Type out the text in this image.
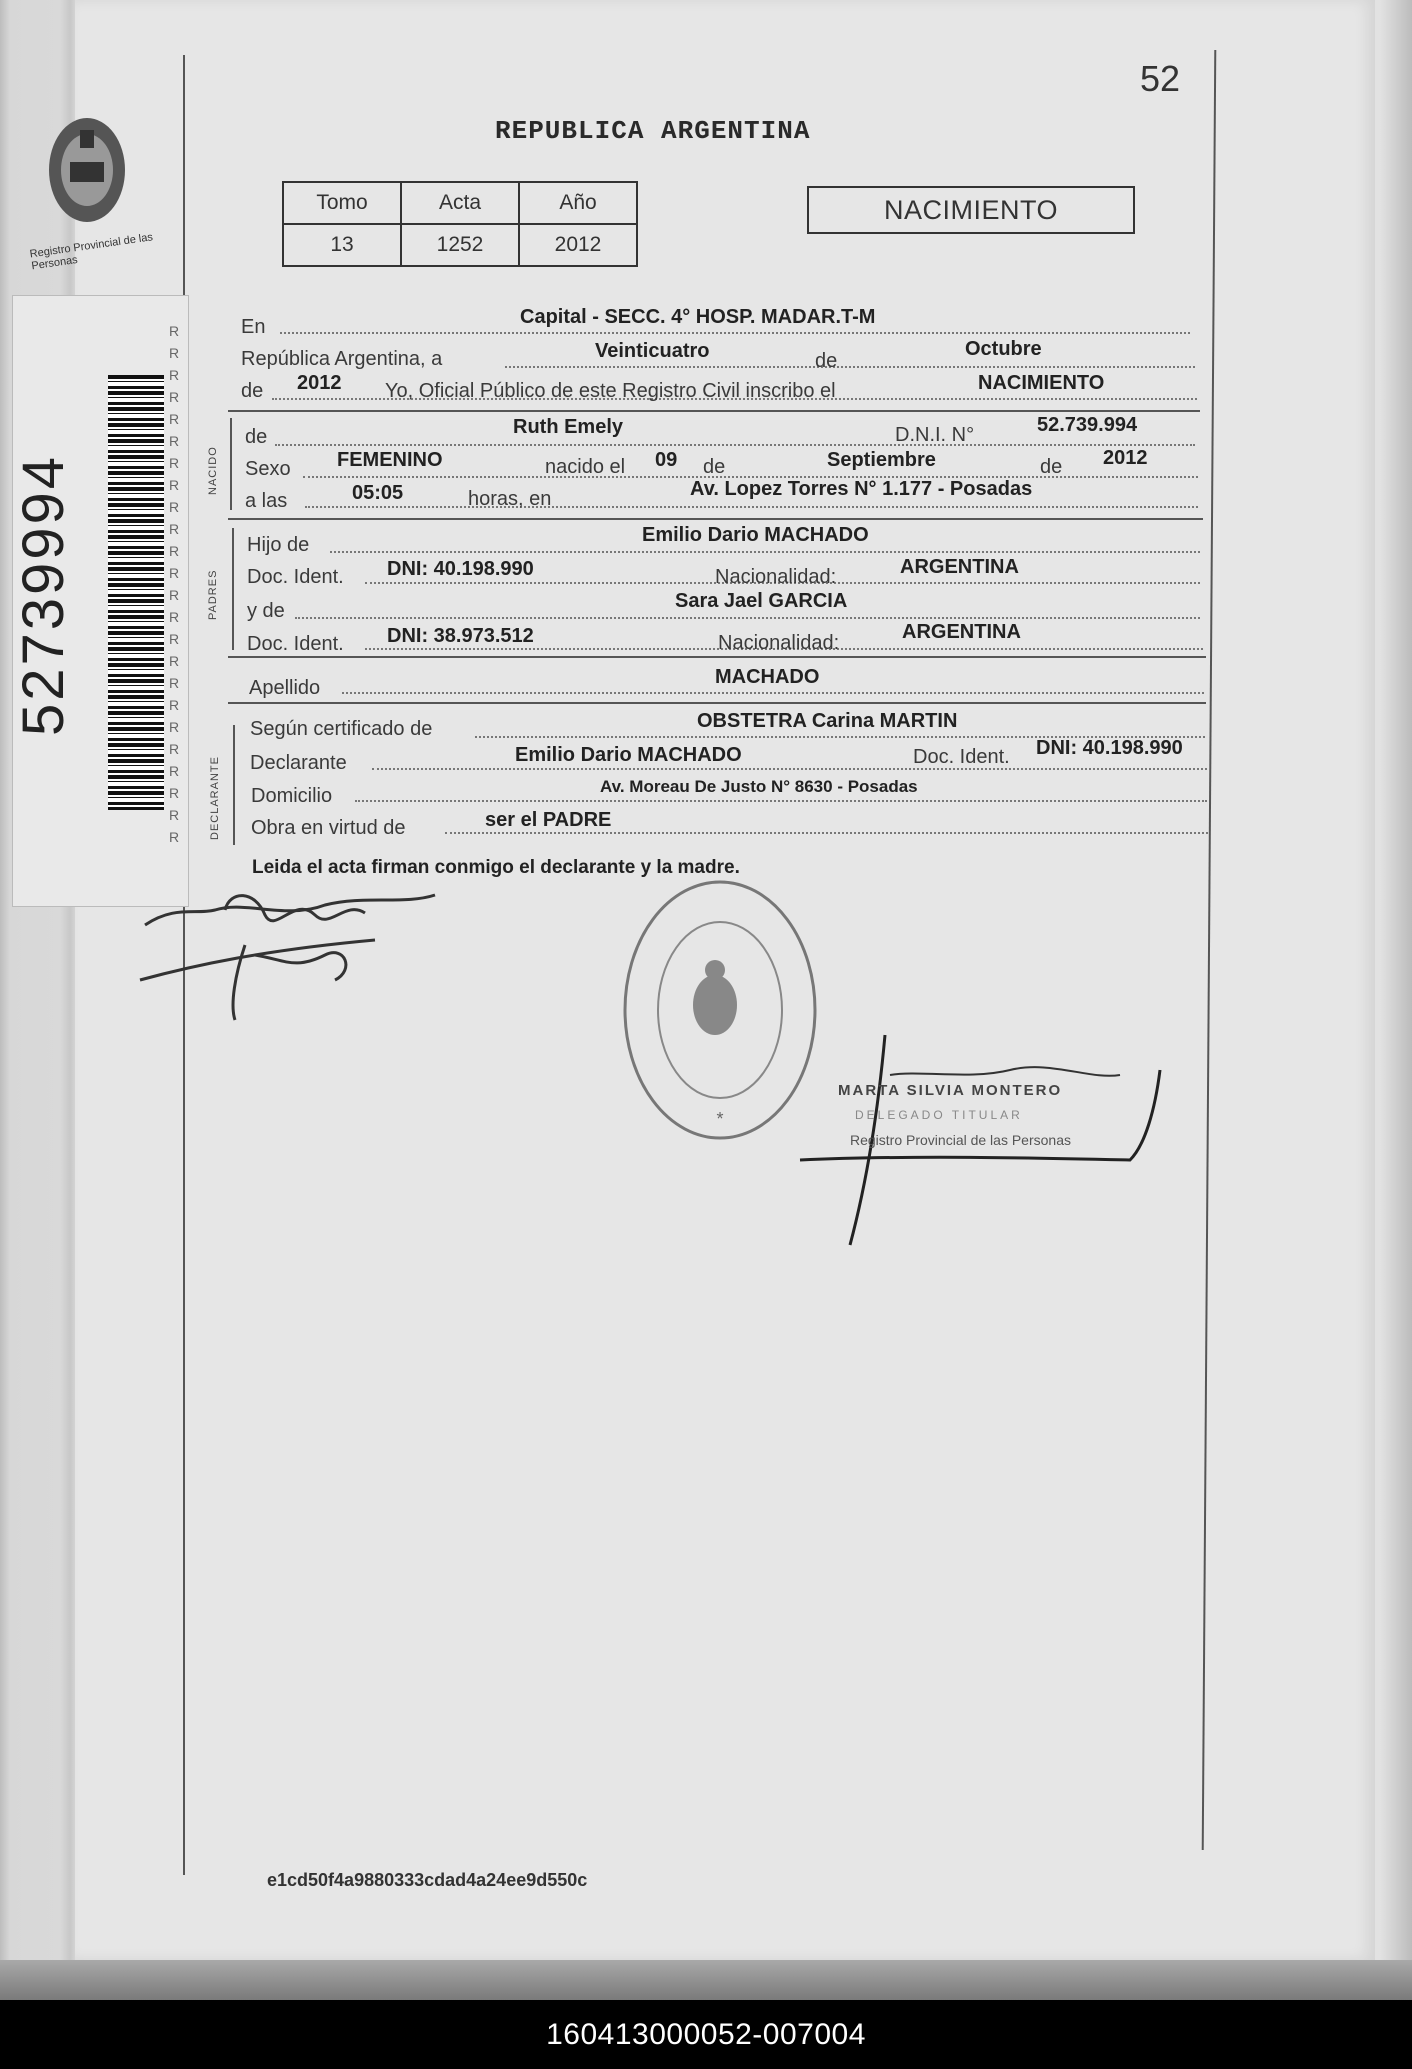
Registro Provincial de las Personas
52739994
RRRRRRRRRRRRRRRRRRRRRRRR
52
REPUBLICA ARGENTINA
Tomo	Acta	Año
13	1252	2012
NACIMIENTO
En	Capital - SECC. 4° HOSP. MADAR.T-M
República Argentina, a	Veinticuatro	de
Octubre
de 2012 Yo, Oficial Público de este Registro Civil inscribo el	NACIMIENTO
NACIDO
de	Ruth Emely	D.N.I. N°	52.739.994
Sexo FEMENINO	nacido el 09 de	Septiembre	de 2012
a las	05:05	horas, en	Av. Lopez Torres N° 1.177 - Posadas
PADRES
Hijo de	Emilio Dario MACHADO
Doc. Ident. DNI: 40.198.990	Nacionalidad:	ARGENTINA
y de	Sara Jael GARCIA
Doc. Ident. DNI: 38.973.512	Nacionalidad:	ARGENTINA
Apellido	MACHADO
DECLARANTE
Según certificado de	OBSTETRA Carina MARTIN
Declarante	Emilio Dario MACHADO	Doc. Ident. DNI: 40.198.990
Domicilio	Av. Moreau De Justo N° 8630 - Posadas
Obra en virtud de	ser el PADRE
Leida el acta firman conmigo el declarante y la madre.
*
MARTA SILVIA MONTERO
DELEGADO TITULAR
Registro Provincial de las Personas
e1cd50f4a9880333cdad4a24ee9d550c
160413000052-007004
